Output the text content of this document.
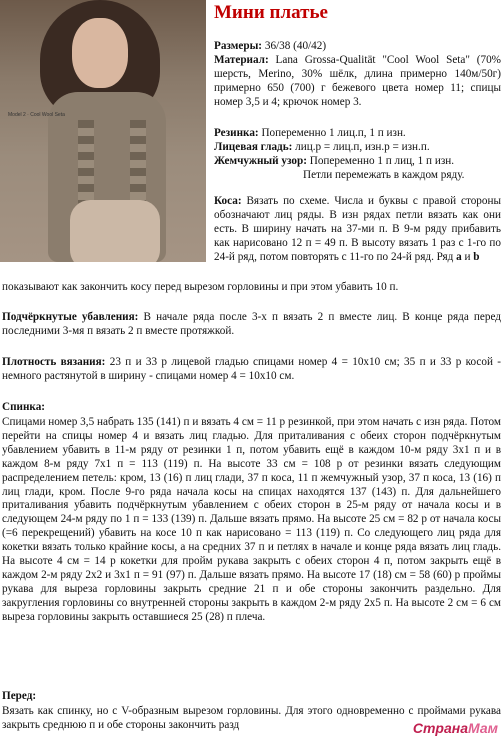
Model 2 · Cool Wool Seta
Мини платье

Размеры: 36/38 (40/42)

Материал: Lana Grossa-Qualität "Cool Wool Seta" (70% шерсть, Merino, 30% шёлк, длина примерно 140м/50г) примерно 650 (700) г бежевого цвета номер 11; спицы номер 3,5 и 4; крючок номер 3.

Резинка: Попеременно 1 лиц.п, 1 п изн.

Лицевая гладь: лиц.р = лиц.п, изн.р = изн.п.

Жемчужный узор: Попеременно 1 п лиц, 1 п изн.
Петли перемежать в каждом ряду.

Коса: Вязать по схеме. Числа и буквы с правой стороны обозначают лиц ряды. В изн рядах петли вязать как они есть. В ширину начать на 37-ми п. В 9-м ряду прибавить как нарисовано 12 п = 49 п. В высоту вязать 1 раз с 1-го по 24-й ряд, потом повторять с 11-го по 24-й ряд. Ряд a и b

показывают как закончить косу перед вырезом горловины и при этом убавить 10 п.

Подчёркнутые убавления: В начале ряда после 3-х п вязать 2 п вместе лиц. В конце ряда перед последними 3-мя п вязать 2 п вместе протяжкой.

Плотность вязания: 23 п и 33 р лицевой гладью спицами номер 4 = 10х10 см; 35 п и 33 р косой - немного растянутой в ширину - спицами номер 4 = 10х10 см.

Спинка:

Спицами номер 3,5 набрать 135 (141) п и вязать 4 см = 11 р резинкой, при этом начать с изн ряда. Потом перейти на спицы номер 4 и вязать лиц гладью. Для приталивания с обеих сторон подчёркнутым убавлением убавить в 11-м ряду от резинки 1 п, потом убавить ещё в каждом 10-м ряду 3х1 п и в каждом 8-м ряду 7х1 п = 113 (119) п. На высоте 33 см = 108 р от резинки вязать следующим распределением петель: кром, 13 (16) п лиц глади, 37 п коса, 11 п жемчужный узор, 37 п коса, 13 (16) п лиц глади, кром. После 9-го ряда начала косы на спицах находятся 137 (143) п. Для дальнейшего приталивания убавить подчёркнутым убавлением с обеих сторон в 25-м ряду от начала косы и в следующем 24-м ряду по 1 п = 133 (139) п. Дальше вязать прямо. На высоте 25 см = 82 р от начала косы (=6 перекрещений) убавить на косе 10 п как нарисовано = 113 (119) п. Со следующего лиц ряда для кокетки вязать только крайние косы, а на средних 37 п и петлях в начале и конце ряда вязать лиц гладь. На высоте 4 см = 14 р кокетки для пройм рукава закрыть с обеих сторон 4 п, потом закрыть ещё в каждом 2-м ряду 2х2 и 3х1 п = 91 (97) п. Дальше вязать прямо. На высоте 17 (18) см = 58 (60) р проймы рукава для выреза горловины закрыть средние 21 п и обе стороны закончить раздельно. Для закругления горловины со внутренней стороны закрыть в каждом 2-м ряду 2х5 п. На высоте 2 см = 6 см выреза горловины закрыть оставшиеся 25 (28) п плеча.

Перед:

Вязать как спинку, но с V-образным вырезом горловины. Для этого одновременно с проймами рукава закрыть среднюю п и обе стороны закончить разд	СтранаМам
